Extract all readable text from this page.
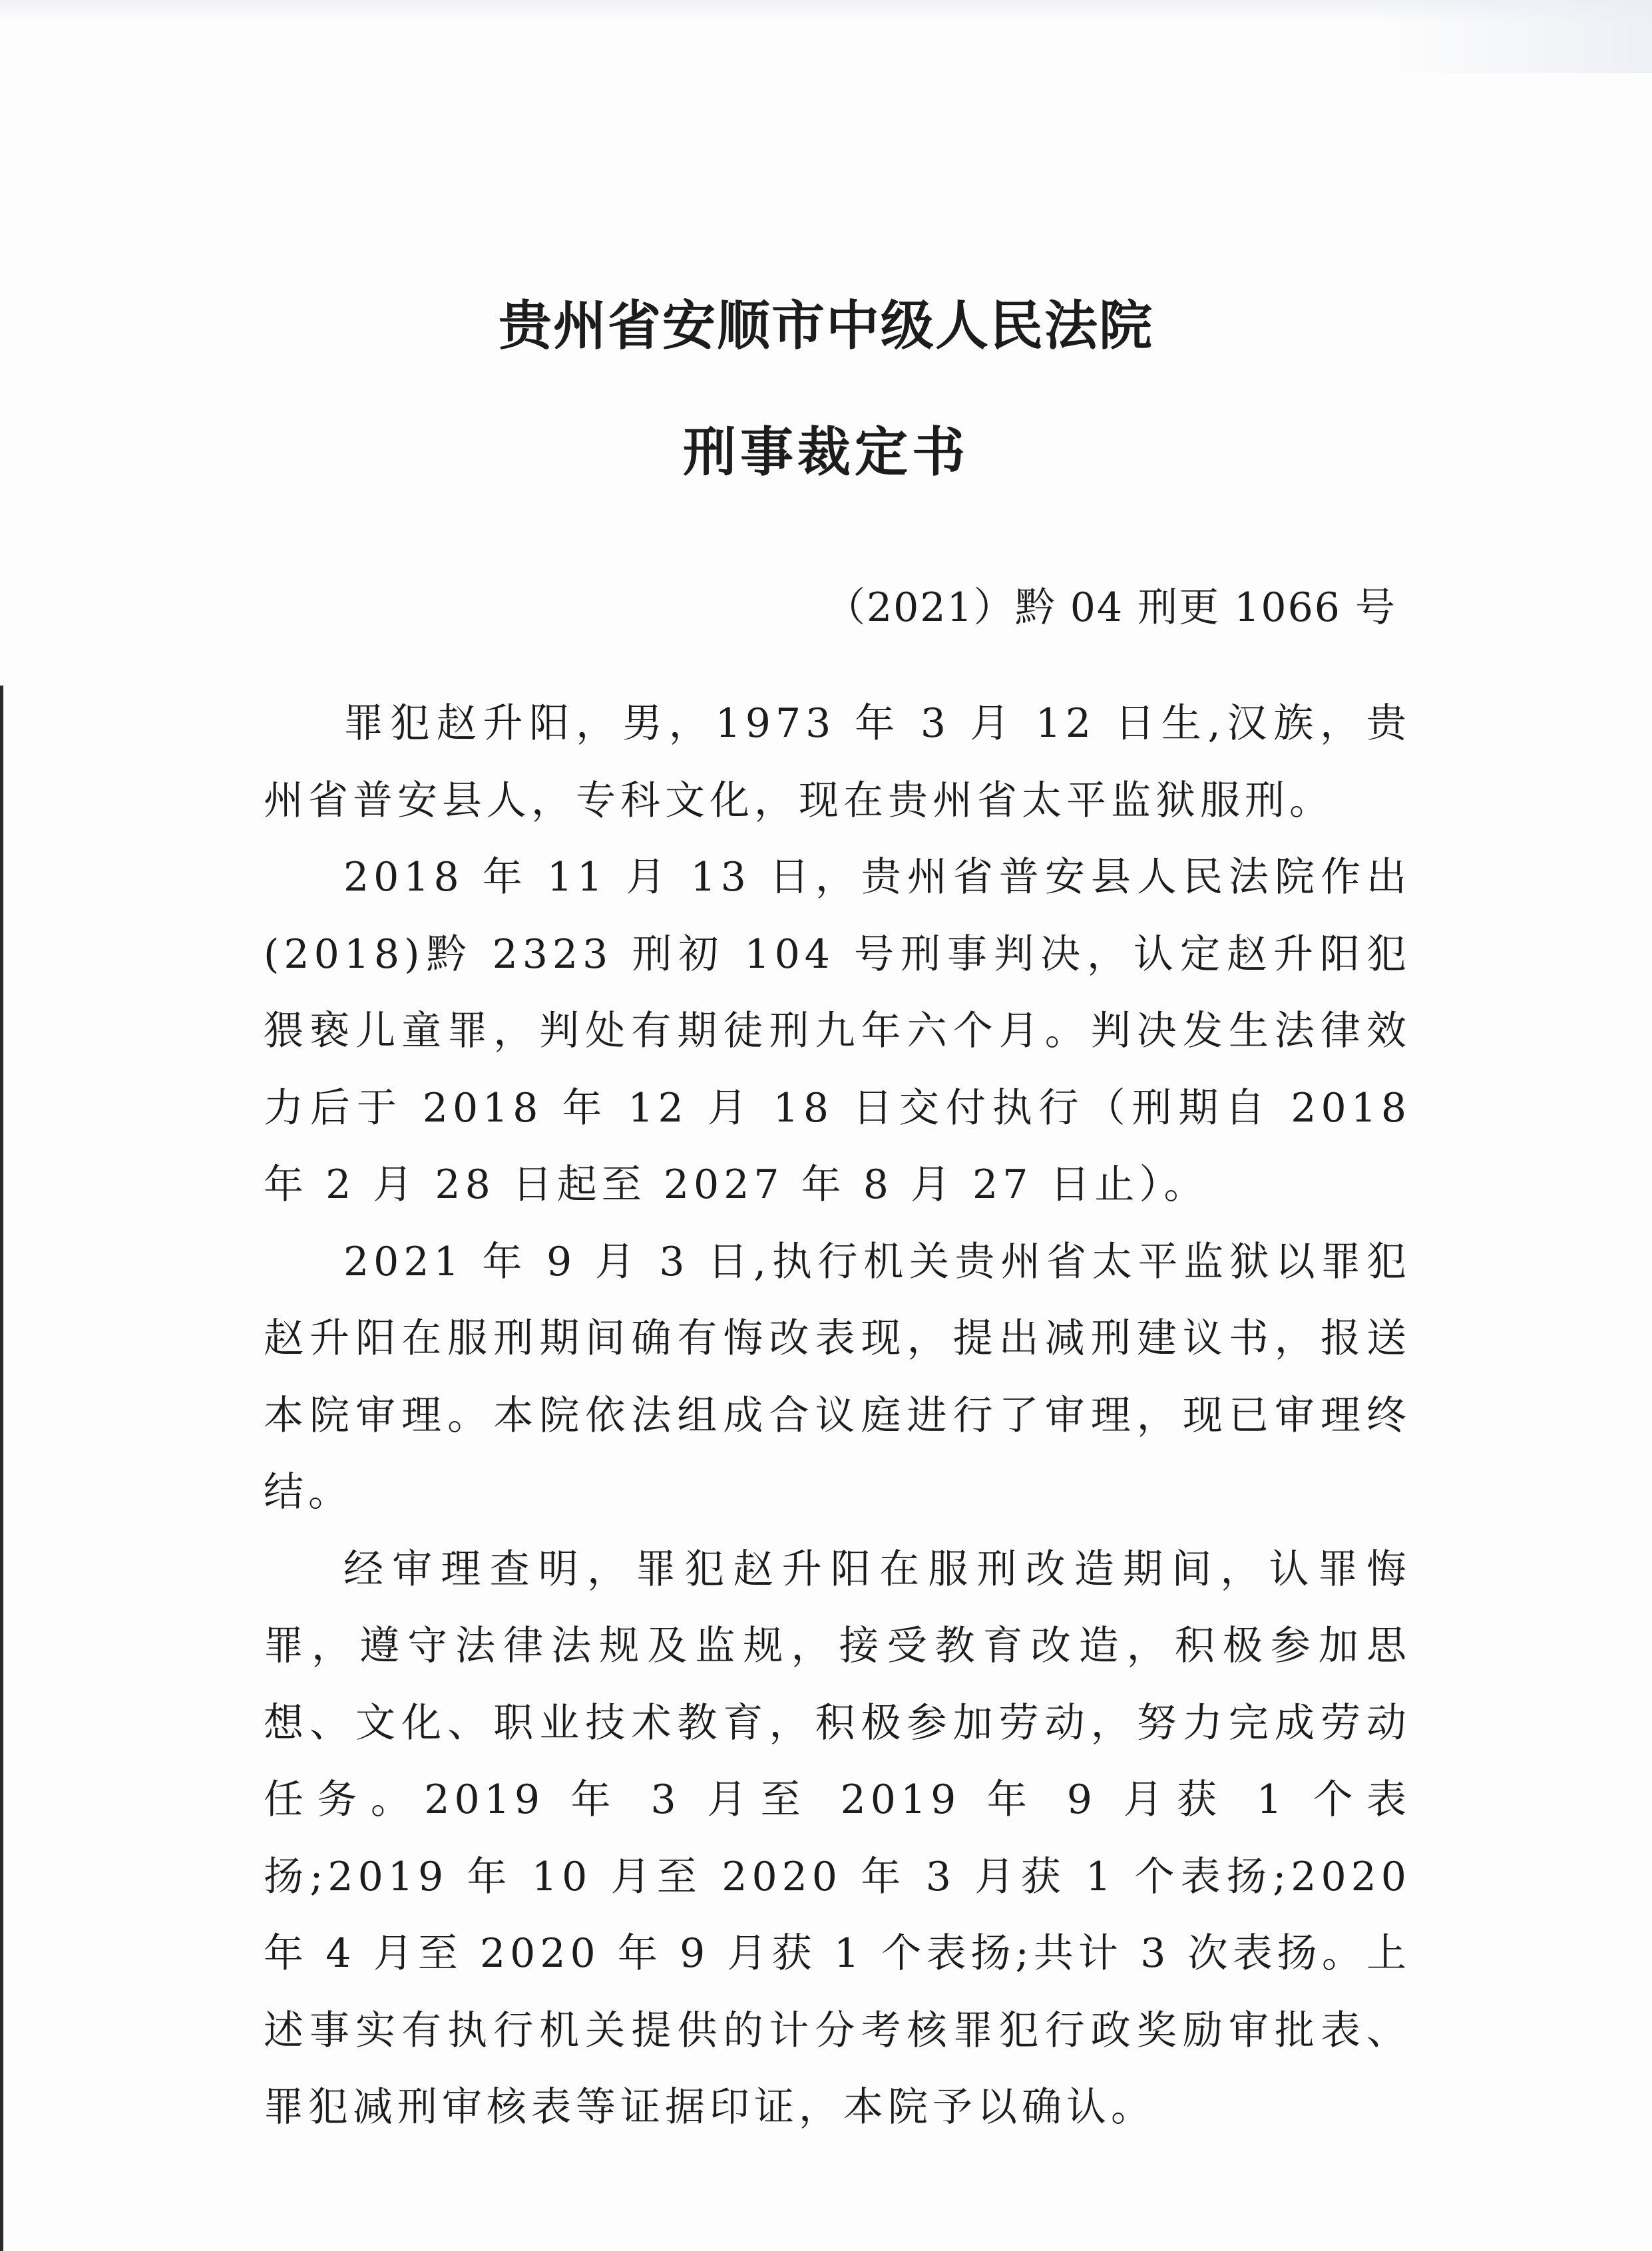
贵州省安顺市中级人民法院
刑事裁定书
（2021）黔 04 刑更 1066 号

罪犯赵升阳，男，1973 年 3 月 12 日生,汉族，贵州省普安县人，专科文化，现在贵州省太平监狱服刑。

2018 年 11 月 13 日，贵州省普安县人民法院作出(2018)黔 2323 刑初 104 号刑事判决，认定赵升阳犯猥亵儿童罪，判处有期徒刑九年六个月。判决发生法律效力后于 2018 年 12 月 18 日交付执行（刑期自 2018 年 2 月 28 日起至 2027 年 8 月 27 日止）。

2021 年 9 月 3 日,执行机关贵州省太平监狱以罪犯赵升阳在服刑期间确有悔改表现，提出减刑建议书，报送本院审理。本院依法组成合议庭进行了审理，现已审理终结。

经审理查明，罪犯赵升阳在服刑改造期间，认罪悔罪，遵守法律法规及监规，接受教育改造，积极参加思想、文化、职业技术教育，积极参加劳动，努力完成劳动任务。2019 年 3 月至 2019 年 9 月获 1 个表扬;2019 年 10 月至 2020 年 3 月获 1 个表扬;2020 年 4 月至 2020 年 9 月获 1 个表扬;共计 3 次表扬。上述事实有执行机关提供的计分考核罪犯行政奖励审批表、罪犯减刑审核表等证据印证，本院予以确认。
